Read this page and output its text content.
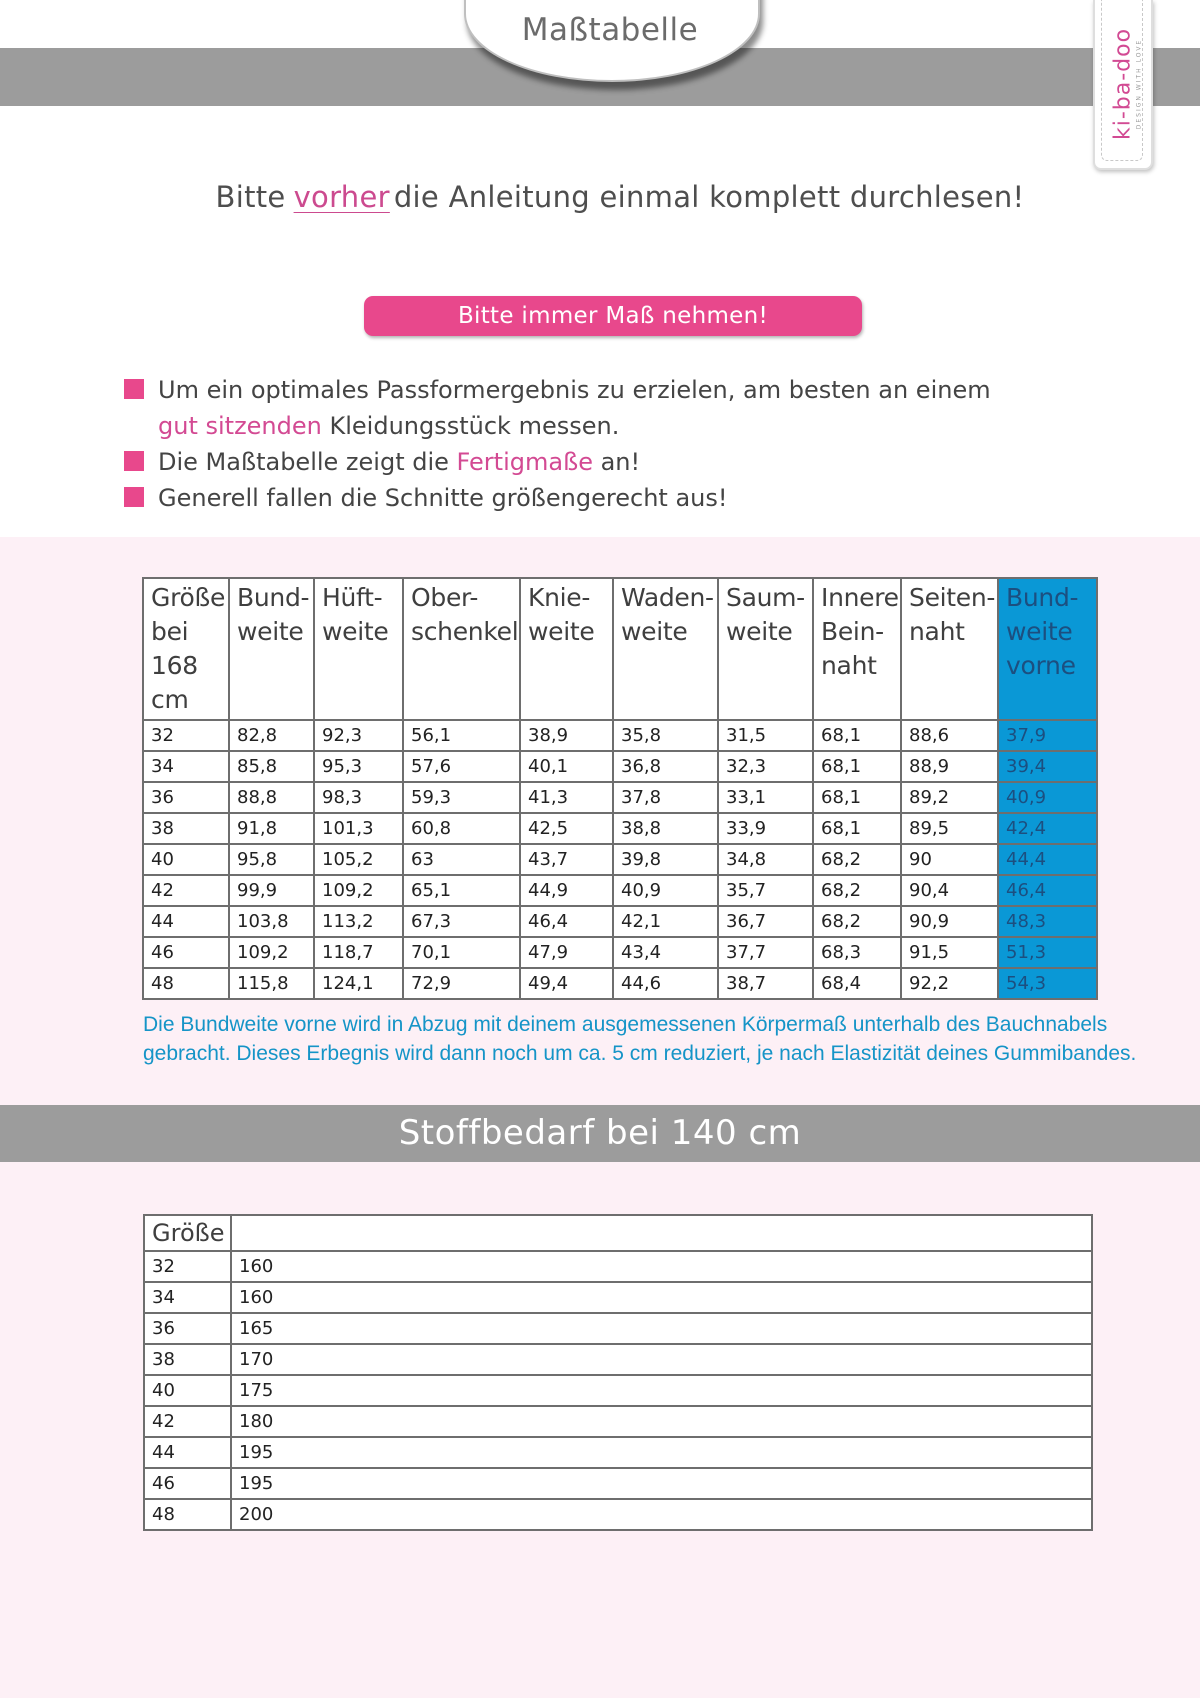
Maßtabelle	ki-ba-doo DESIGN WITH LOVE
Bitte vorher die Anleitung einmal komplett durchlesen!
Bitte immer Maß nehmen!
Um ein optimales Passformergebnis zu erzielen, am besten an einem
gut sitzenden Kleidungsstück messen.
Die Maßtabelle zeigt die Fertigmaße an!
Generell fallen die Schnitte größengerecht aus!
Größe bei 168 cm	Bund-weite	Hüft-weite	Ober-schenkel	Knie-weite	Waden-weite	Saum-weite	Innere Bein-naht	Seiten-naht	Bund-weite vorne
32	82,8	92,3	56,1	38,9	35,8	31,5	68,1	88,6	37,9
34	85,8	95,3	57,6	40,1	36,8	32,3	68,1	88,9	39,4
36	88,8	98,3	59,3	41,3	37,8	33,1	68,1	89,2	40,9
38	91,8	101,3	60,8	42,5	38,8	33,9	68,1	89,5	42,4
40	95,8	105,2	63	43,7	39,8	34,8	68,2	90	44,4
42	99,9	109,2	65,1	44,9	40,9	35,7	68,2	90,4	46,4
44	103,8	113,2	67,3	46,4	42,1	36,7	68,2	90,9	48,3
46	109,2	118,7	70,1	47,9	43,4	37,7	68,3	91,5	51,3
48	115,8	124,1	72,9	49,4	44,6	38,7	68,4	92,2	54,3
Die Bundweite vorne wird in Abzug mit deinem ausgemessenen Körpermaß unterhalb des Bauchnabels gebracht. Dieses Erbegnis wird dann noch um ca. 5 cm reduziert, je nach Elastizität deines Gummibandes.
Stoffbedarf bei 140 cm
Größe	
32	160
34	160
36	165
38	170
40	175
42	180
44	195
46	195
48	200
